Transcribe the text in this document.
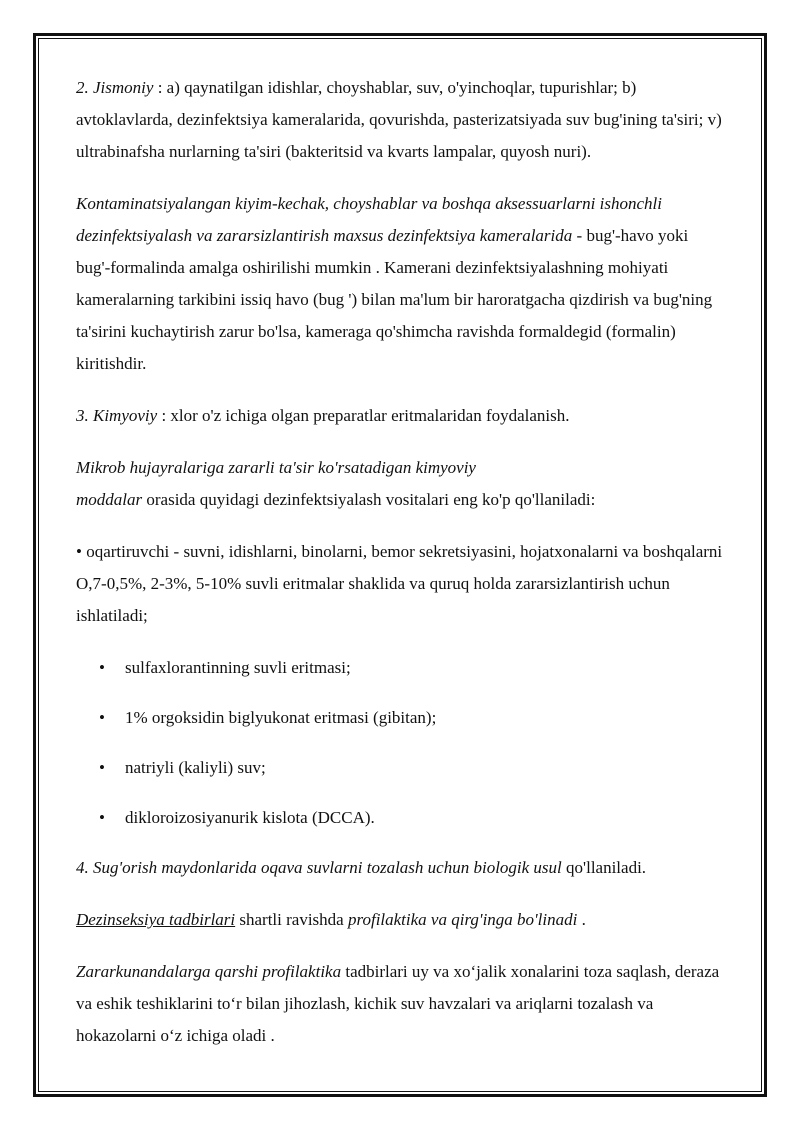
2. Jismoniy : a) qaynatilgan idishlar, choyshablar, suv, o'yinchoqlar, tupurishlar; b) avtoklavlarda, dezinfektsiya kameralarida, qovurishda, pasterizatsiyada suv bug'ining ta'siri; v) ultrabinafsha nurlarning ta'siri (bakteritsid va kvarts lampalar, quyosh nuri).

Kontaminatsiyalangan kiyim-kechak, choyshablar va boshqa aksessuarlarni ishonchli dezinfektsiyalash va zararsizlantirish maxsus dezinfektsiya kameralarida - bug'-havo yoki bug'-formalinda amalga oshirilishi mumkin . Kamerani dezinfektsiyalashning mohiyati kameralarning tarkibini issiq havo (bug ') bilan ma'lum bir haroratgacha qizdirish va bug'ning ta'sirini kuchaytirish zarur bo'lsa, kameraga qo'shimcha ravishda formaldegid (formalin) kiritishdir.

3. Kimyoviy : xlor o'z ichiga olgan preparatlar eritmalaridan foydalanish.

Mikrob hujayralariga zararli ta'sir ko'rsatadigan kimyoviy
moddalar orasida quyidagi dezinfektsiyalash vositalari eng ko'p qo'llaniladi:

• oqartiruvchi - suvni, idishlarni, binolarni, bemor sekretsiyasini, hojatxonalarni va boshqalarni O,7-0,5%, 2-3%, 5-10% suvli eritmalar shaklida va quruq holda zararsizlantirish uchun ishlatiladi;

• sulfaxlorantinning suvli eritmasi;
• 1% orgoksidin biglyukonat eritmasi (gibitan);
• natriyli (kaliyli) suv;
• dikloroizosiyanurik kislota (DCCA).

4. Sug'orish maydonlarida oqava suvlarni tozalash uchun biologik usul qo'llaniladi.

Dezinseksiya tadbirlari shartli ravishda profilaktika va qirg'inga bo'linadi .

Zararkunandalarga qarshi profilaktika tadbirlari uy va xo‘jalik xonalarini toza saqlash, deraza va eshik teshiklarini to‘r bilan jihozlash, kichik suv havzalari va ariqlarni tozalash va hokazolarni o‘z ichiga oladi .
